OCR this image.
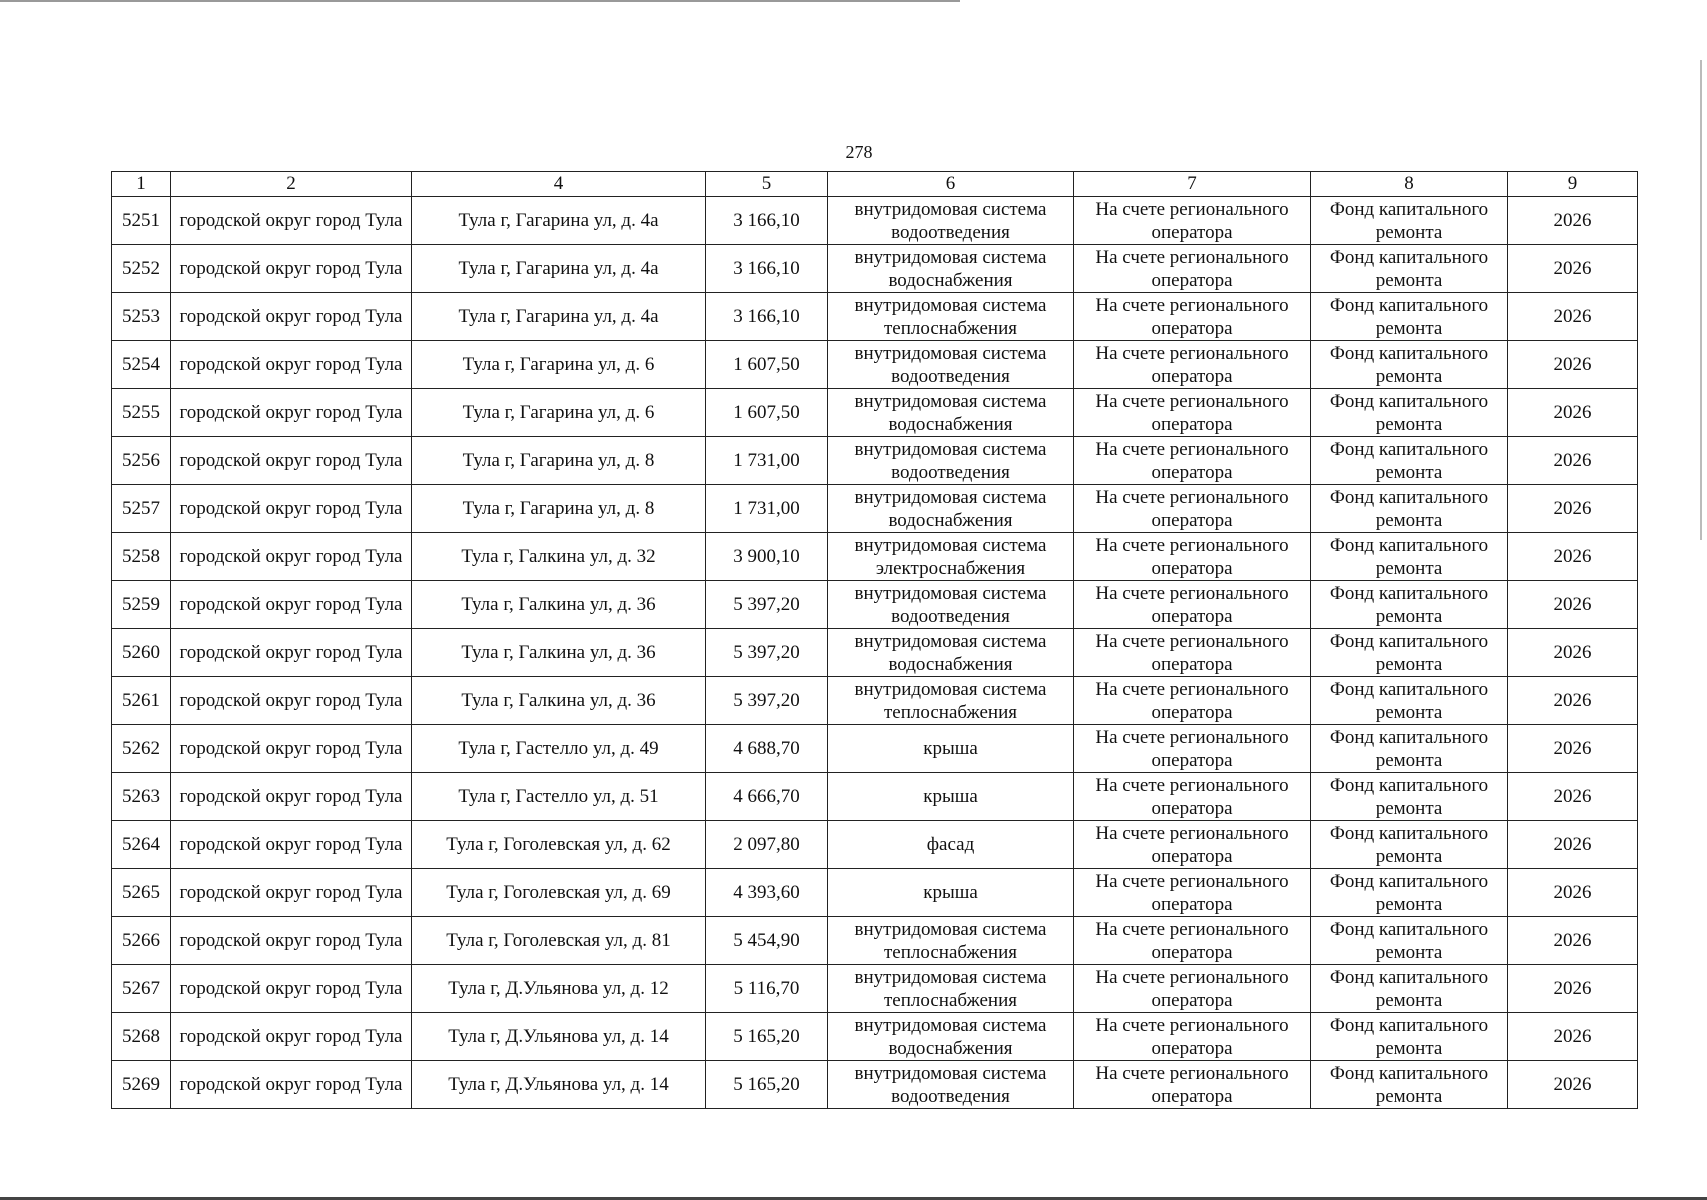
278
1	2	4	5	6	7	8	9
5251	городской округ город Тула	Тула г, Гагарина ул, д. 4а	3 166,10	внутридомовая система водоотведения	На счете регионального оператора	Фонд капитального ремонта	2026
5252	городской округ город Тула	Тула г, Гагарина ул, д. 4а	3 166,10	внутридомовая система водоснабжения	На счете регионального оператора	Фонд капитального ремонта	2026
5253	городской округ город Тула	Тула г, Гагарина ул, д. 4а	3 166,10	внутридомовая система теплоснабжения	На счете регионального оператора	Фонд капитального ремонта	2026
5254	городской округ город Тула	Тула г, Гагарина ул, д. 6	1 607,50	внутридомовая система водоотведения	На счете регионального оператора	Фонд капитального ремонта	2026
5255	городской округ город Тула	Тула г, Гагарина ул, д. 6	1 607,50	внутридомовая система водоснабжения	На счете регионального оператора	Фонд капитального ремонта	2026
5256	городской округ город Тула	Тула г, Гагарина ул, д. 8	1 731,00	внутридомовая система водоотведения	На счете регионального оператора	Фонд капитального ремонта	2026
5257	городской округ город Тула	Тула г, Гагарина ул, д. 8	1 731,00	внутридомовая система водоснабжения	На счете регионального оператора	Фонд капитального ремонта	2026
5258	городской округ город Тула	Тула г, Галкина ул, д. 32	3 900,10	внутридомовая система электроснабжения	На счете регионального оператора	Фонд капитального ремонта	2026
5259	городской округ город Тула	Тула г, Галкина ул, д. 36	5 397,20	внутридомовая система водоотведения	На счете регионального оператора	Фонд капитального ремонта	2026
5260	городской округ город Тула	Тула г, Галкина ул, д. 36	5 397,20	внутридомовая система водоснабжения	На счете регионального оператора	Фонд капитального ремонта	2026
5261	городской округ город Тула	Тула г, Галкина ул, д. 36	5 397,20	внутридомовая система теплоснабжения	На счете регионального оператора	Фонд капитального ремонта	2026
5262	городской округ город Тула	Тула г, Гастелло ул, д. 49	4 688,70	крыша	На счете регионального оператора	Фонд капитального ремонта	2026
5263	городской округ город Тула	Тула г, Гастелло ул, д. 51	4 666,70	крыша	На счете регионального оператора	Фонд капитального ремонта	2026
5264	городской округ город Тула	Тула г, Гоголевская ул, д. 62	2 097,80	фасад	На счете регионального оператора	Фонд капитального ремонта	2026
5265	городской округ город Тула	Тула г, Гоголевская ул, д. 69	4 393,60	крыша	На счете регионального оператора	Фонд капитального ремонта	2026
5266	городской округ город Тула	Тула г, Гоголевская ул, д. 81	5 454,90	внутридомовая система теплоснабжения	На счете регионального оператора	Фонд капитального ремонта	2026
5267	городской округ город Тула	Тула г, Д.Ульянова ул, д. 12	5 116,70	внутридомовая система теплоснабжения	На счете регионального оператора	Фонд капитального ремонта	2026
5268	городской округ город Тула	Тула г, Д.Ульянова ул, д. 14	5 165,20	внутридомовая система водоснабжения	На счете регионального оператора	Фонд капитального ремонта	2026
5269	городской округ город Тула	Тула г, Д.Ульянова ул, д. 14	5 165,20	внутридомовая система водоотведения	На счете регионального оператора	Фонд капитального ремонта	2026
